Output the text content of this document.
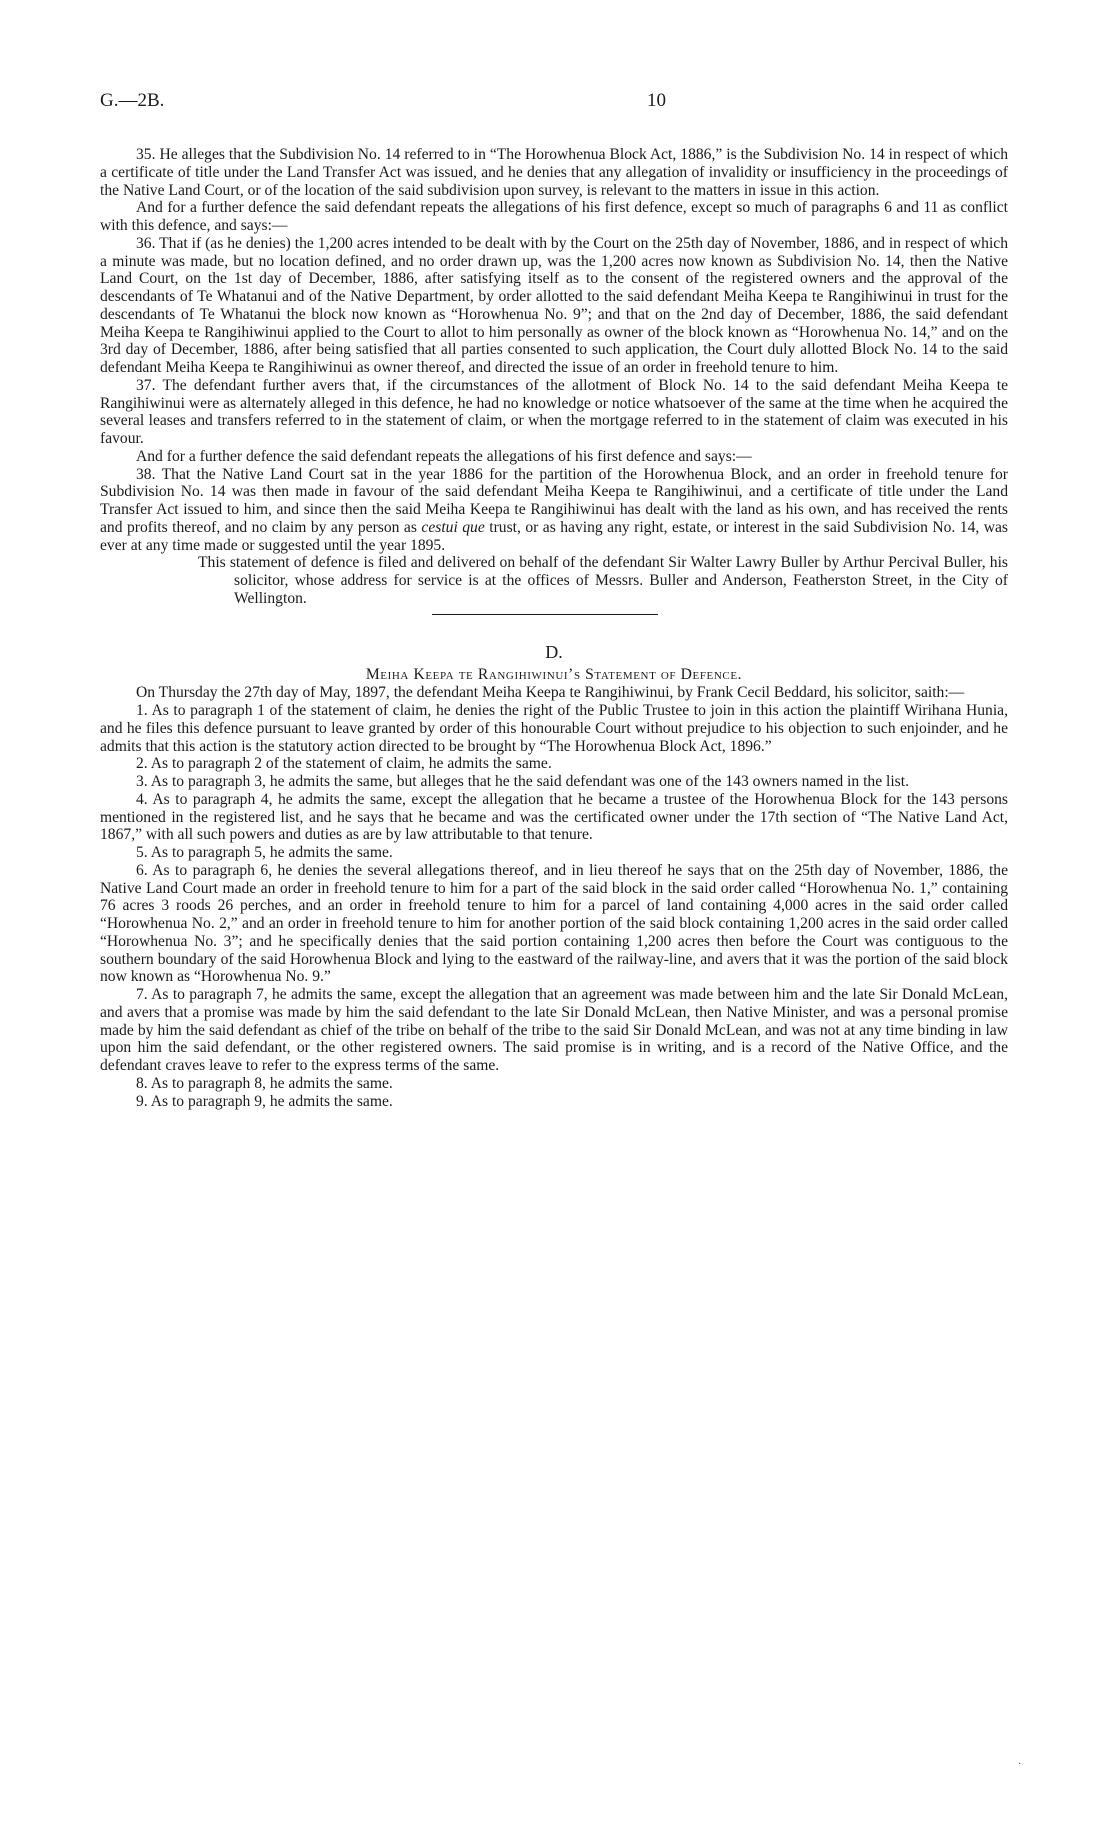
G.—2B.	10

35. He alleges that the Subdivision No. 14 referred to in “The Horowhenua Block Act, 1886,” is the Subdivision No. 14 in respect of which a certificate of title under the Land Transfer Act was issued, and he denies that any allegation of invalidity or insufficiency in the proceedings of the Native Land Court, or of the location of the said subdivision upon survey, is relevant to the matters in issue in this action.

And for a further defence the said defendant repeats the allegations of his first defence, except so much of paragraphs 6 and 11 as conflict with this defence, and says:—

36. That if (as he denies) the 1,200 acres intended to be dealt with by the Court on the 25th day of November, 1886, and in respect of which a minute was made, but no location defined, and no order drawn up, was the 1,200 acres now known as Subdivision No. 14, then the Native Land Court, on the 1st day of December, 1886, after satisfying itself as to the consent of the registered owners and the approval of the descendants of Te Whatanui and of the Native Department, by order allotted to the said defendant Meiha Keepa te Rangihiwinui in trust for the descendants of Te Whatanui the block now known as “Horowhenua No. 9”; and that on the 2nd day of December, 1886, the said defendant Meiha Keepa te Rangihiwinui applied to the Court to allot to him personally as owner of the block known as “Horowhenua No. 14,” and on the 3rd day of December, 1886, after being satisfied that all parties consented to such application, the Court duly allotted Block No. 14 to the said defendant Meiha Keepa te Rangihiwinui as owner thereof, and directed the issue of an order in freehold tenure to him.

37. The defendant further avers that, if the circumstances of the allotment of Block No. 14 to the said defendant Meiha Keepa te Rangihiwinui were as alternately alleged in this defence, he had no knowledge or notice whatsoever of the same at the time when he acquired the several leases and transfers referred to in the statement of claim, or when the mortgage referred to in the statement of claim was executed in his favour.

And for a further defence the said defendant repeats the allegations of his first defence and says:—

38. That the Native Land Court sat in the year 1886 for the partition of the Horowhenua Block, and an order in freehold tenure for Subdivision No. 14 was then made in favour of the said defendant Meiha Keepa te Rangihiwinui, and a certificate of title under the Land Transfer Act issued to him, and since then the said Meiha Keepa te Rangihiwinui has dealt with the land as his own, and has received the rents and profits thereof, and no claim by any person as cestui que trust, or as having any right, estate, or interest in the said Subdivision No. 14, was ever at any time made or suggested until the year 1895.

This statement of defence is filed and delivered on behalf of the defendant Sir Walter Lawry Buller by Arthur Percival Buller, his solicitor, whose address for service is at the offices of Messrs. Buller and Anderson, Featherston Street, in the City of Wellington.

D.

Meiha Keepa te Rangihiwinui’s Statement of Defence.

On Thursday the 27th day of May, 1897, the defendant Meiha Keepa te Rangihiwinui, by Frank Cecil Beddard, his solicitor, saith:—

1. As to paragraph 1 of the statement of claim, he denies the right of the Public Trustee to join in this action the plaintiff Wirihana Hunia, and he files this defence pursuant to leave granted by order of this honourable Court without prejudice to his objection to such enjoinder, and he admits that this action is the statutory action directed to be brought by “The Horowhenua Block Act, 1896.”

2. As to paragraph 2 of the statement of claim, he admits the same.

3. As to paragraph 3, he admits the same, but alleges that he the said defendant was one of the 143 owners named in the list.

4. As to paragraph 4, he admits the same, except the allegation that he became a trustee of the Horowhenua Block for the 143 persons mentioned in the registered list, and he says that he became and was the certificated owner under the 17th section of “The Native Land Act, 1867,” with all such powers and duties as are by law attributable to that tenure.

5. As to paragraph 5, he admits the same.

6. As to paragraph 6, he denies the several allegations thereof, and in lieu thereof he says that on the 25th day of November, 1886, the Native Land Court made an order in freehold tenure to him for a part of the said block in the said order called “Horowhenua No. 1,” containing 76 acres 3 roods 26 perches, and an order in freehold tenure to him for a parcel of land containing 4,000 acres in the said order called “Horowhenua No. 2,” and an order in freehold tenure to him for another portion of the said block containing 1,200 acres in the said order called “Horowhenua No. 3”; and he specifically denies that the said portion containing 1,200 acres then before the Court was contiguous to the southern boundary of the said Horowhenua Block and lying to the eastward of the railway-line, and avers that it was the portion of the said block now known as “Horowhenua No. 9.”

7. As to paragraph 7, he admits the same, except the allegation that an agreement was made between him and the late Sir Donald McLean, and avers that a promise was made by him the said defendant to the late Sir Donald McLean, then Native Minister, and was a personal promise made by him the said defendant as chief of the tribe on behalf of the tribe to the said Sir Donald McLean, and was not at any time binding in law upon him the said defendant, or the other registered owners. The said promise is in writing, and is a record of the Native Office, and the defendant craves leave to refer to the express terms of the same.

8. As to paragraph 8, he admits the same.

9. As to paragraph 9, he admits the same.

·
